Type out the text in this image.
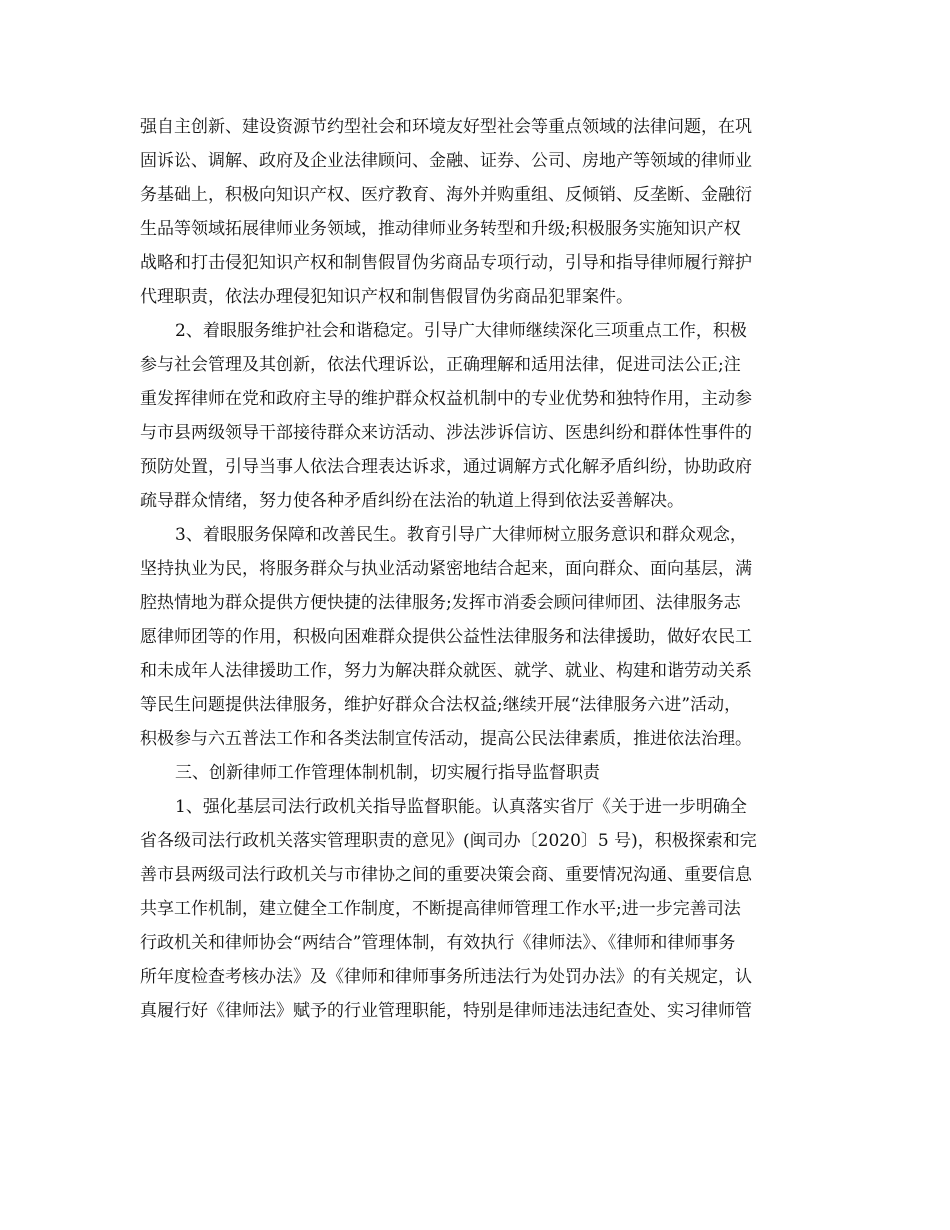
强自主创新、建设资源节约型社会和环境友好型社会等重点领域的法律问题，在巩
固诉讼、调解、政府及企业法律顾问、金融、证券、公司、房地产等领域的律师业
务基础上，积极向知识产权、医疗教育、海外并购重组、反倾销、反垄断、金融衍
生品等领域拓展律师业务领域，推动律师业务转型和升级;积极服务实施知识产权
战略和打击侵犯知识产权和制售假冒伪劣商品专项行动，引导和指导律师履行辩护
代理职责，依法办理侵犯知识产权和制售假冒伪劣商品犯罪案件。
2、着眼服务维护社会和谐稳定。引导广大律师继续深化三项重点工作，积极
参与社会管理及其创新，依法代理诉讼，正确理解和适用法律，促进司法公正;注
重发挥律师在党和政府主导的维护群众权益机制中的专业优势和独特作用，主动参
与市县两级领导干部接待群众来访活动、涉法涉诉信访、医患纠纷和群体性事件的
预防处置，引导当事人依法合理表达诉求，通过调解方式化解矛盾纠纷，协助政府
疏导群众情绪，努力使各种矛盾纠纷在法治的轨道上得到依法妥善解决。
3、着眼服务保障和改善民生。教育引导广大律师树立服务意识和群众观念，
坚持执业为民，将服务群众与执业活动紧密地结合起来，面向群众、面向基层，满
腔热情地为群众提供方便快捷的法律服务;发挥市消委会顾问律师团、法律服务志
愿律师团等的作用，积极向困难群众提供公益性法律服务和法律援助，做好农民工
和未成年人法律援助工作，努力为解决群众就医、就学、就业、构建和谐劳动关系
等民生问题提供法律服务，维护好群众合法权益;继续开展“法律服务六进”活动，
积极参与六五普法工作和各类法制宣传活动，提高公民法律素质，推进依法治理。
三、创新律师工作管理体制机制，切实履行指导监督职责
1、强化基层司法行政机关指导监督职能。认真落实省厅《关于进一步明确全
省各级司法行政机关落实管理职责的意见》(闽司办〔2020〕5 号)，积极探索和完
善市县两级司法行政机关与市律协之间的重要决策会商、重要情况沟通、重要信息
共享工作机制，建立健全工作制度，不断提高律师管理工作水平;进一步完善司法
行政机关和律师协会“两结合”管理体制，有效执行《律师法》、《律师和律师事务
所年度检查考核办法》及《律师和律师事务所违法行为处罚办法》的有关规定，认
真履行好《律师法》赋予的行业管理职能，特别是律师违法违纪查处、实习律师管
